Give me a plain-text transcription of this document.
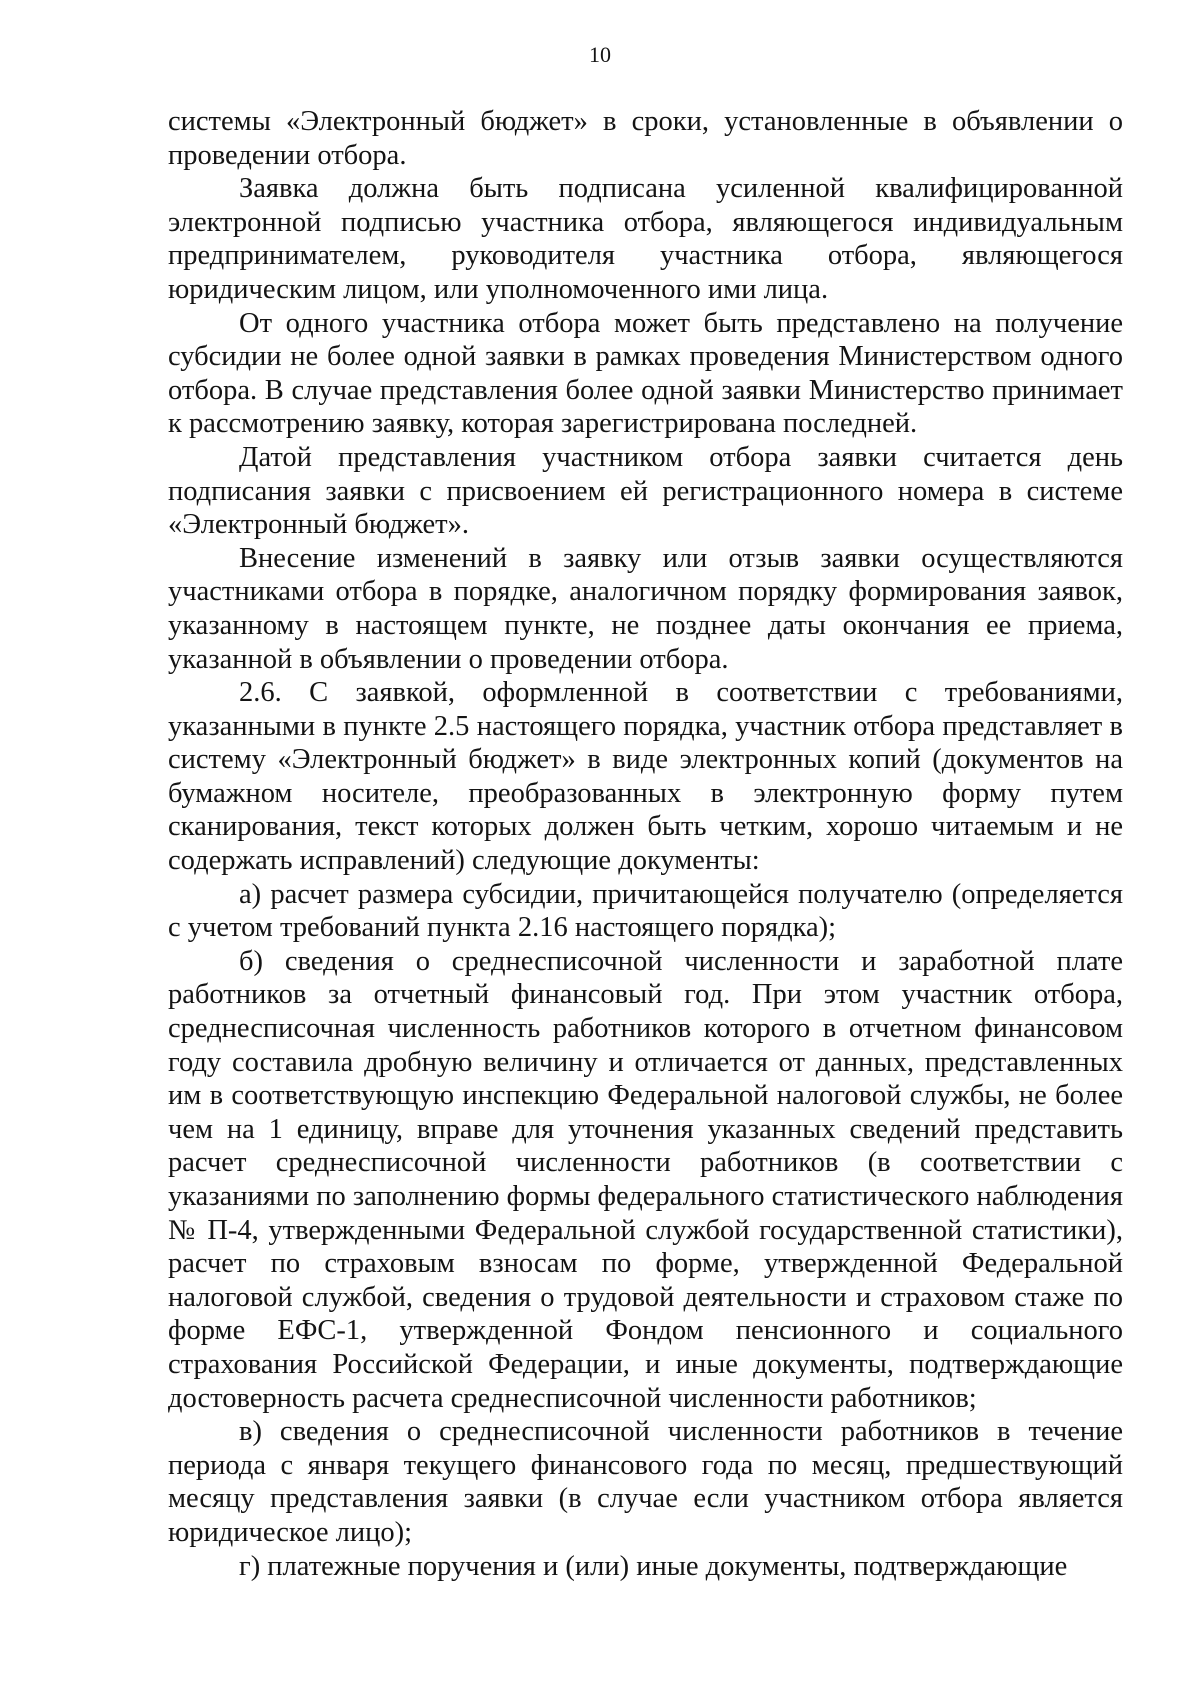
10

системы «Электронный бюджет» в сроки, установленные в объявлении о проведении отбора.

Заявка должна быть подписана усиленной квалифицированной электронной подписью участника отбора, являющегося индивидуальным предпринимателем, руководителя участника отбора, являющегося юридическим лицом, или уполномоченного ими лица.

От одного участника отбора может быть представлено на получение субсидии не более одной заявки в рамках проведения Министерством одного отбора. В случае представления более одной заявки Министерство принимает к рассмотрению заявку, которая зарегистрирована последней.

Датой представления участником отбора заявки считается день подписания заявки с присвоением ей регистрационного номера в системе «Электронный бюджет».

Внесение изменений в заявку или отзыв заявки осуществляются участниками отбора в порядке, аналогичном порядку формирования заявок, указанному в настоящем пункте, не позднее даты окончания ее приема, указанной в объявлении о проведении отбора.

2.6. С заявкой, оформленной в соответствии с требованиями, указанными в пункте 2.5 настоящего порядка, участник отбора представляет в систему «Электронный бюджет» в виде электронных копий (документов на бумажном носителе, преобразованных в электронную форму путем сканирования, текст которых должен быть четким, хорошо читаемым и не содержать исправлений) следующие документы:

а) расчет размера субсидии, причитающейся получателю (определяется с учетом требований пункта 2.16 настоящего порядка);

б) сведения о среднесписочной численности и заработной плате работников за отчетный финансовый год. При этом участник отбора, среднесписочная численность работников которого в отчетном финансовом году составила дробную величину и отличается от данных, представленных им в соответствующую инспекцию Федеральной налоговой службы, не более чем на 1 единицу, вправе для уточнения указанных сведений представить расчет среднесписочной численности работников (в соответствии с указаниями по заполнению формы федерального статистического наблюдения № П-4, утвержденными Федеральной службой государственной статистики), расчет по страховым взносам по форме, утвержденной Федеральной налоговой службой, сведения о трудовой деятельности и страховом стаже по форме ЕФС-1, утвержденной Фондом пенсионного и социального страхования Российской Федерации, и иные документы, подтверждающие достоверность расчета среднесписочной численности работников;

в) сведения о среднесписочной численности работников в течение периода с января текущего финансового года по месяц, предшествующий месяцу представления заявки (в случае если участником отбора является юридическое лицо);

г) платежные поручения и (или) иные документы, подтверждающие
